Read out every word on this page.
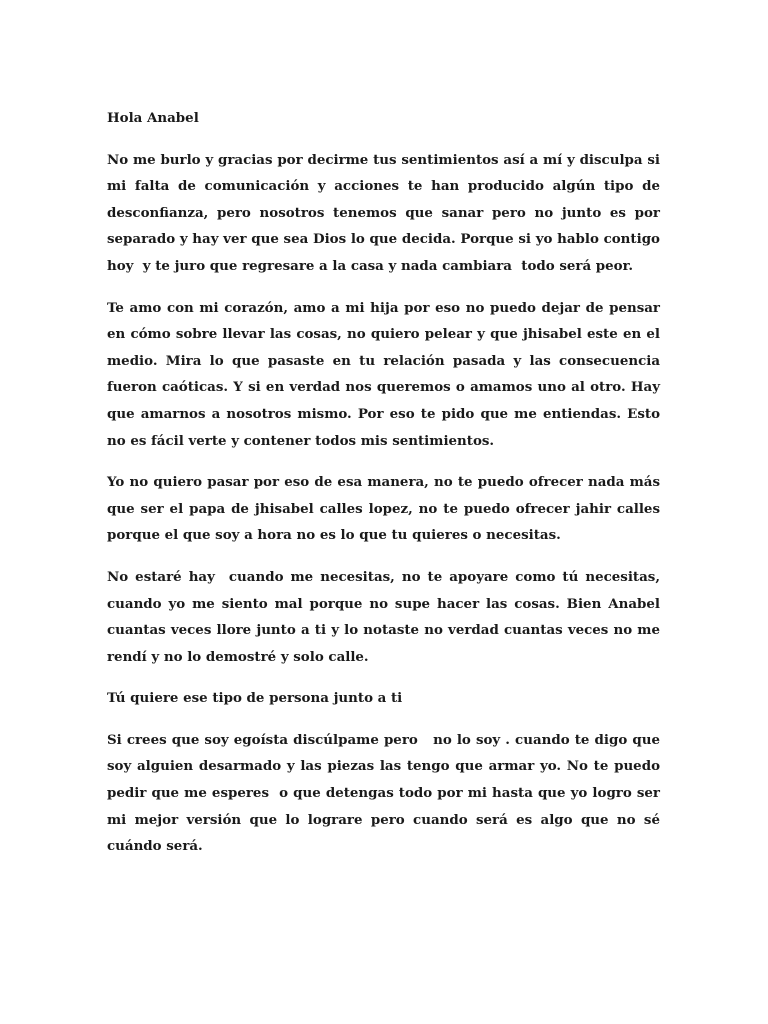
Hola Anabel

No me burlo y gracias por decirme tus sentimientos así a mí y disculpa si mi falta de comunicación y acciones te han producido algún tipo de desconfianza, pero nosotros tenemos que sanar pero no junto es por separado y hay ver que sea Dios lo que decida. Porque si yo hablo contigo hoy  y te juro que regresare a la casa y nada cambiara  todo será peor.

Te amo con mi corazón, amo a mi hija por eso no puedo dejar de pensar en cómo sobre llevar las cosas, no quiero pelear y que jhisabel este en el medio. Mira lo que pasaste en tu relación pasada y las consecuencia fueron caóticas. Y si en verdad nos queremos o amamos uno al otro. Hay que amarnos a nosotros mismo. Por eso te pido que me entiendas. Esto no es fácil verte y contener todos mis sentimientos.

Yo no quiero pasar por eso de esa manera, no te puedo ofrecer nada más que ser el papa de jhisabel calles lopez, no te puedo ofrecer jahir calles porque el que soy a hora no es lo que tu quieres o necesitas.

No estaré hay  cuando me necesitas, no te apoyare como tú necesitas, cuando yo me siento mal porque no supe hacer las cosas. Bien Anabel cuantas veces llore junto a ti y lo notaste no verdad cuantas veces no me rendí y no lo demostré y solo calle.

Tú quiere ese tipo de persona junto a ti

Si crees que soy egoísta discúlpame pero   no lo soy . cuando te digo que soy alguien desarmado y las piezas las tengo que armar yo. No te puedo pedir que me esperes  o que detengas todo por mi hasta que yo logro ser mi mejor versión que lo lograre pero cuando será es algo que no sé cuándo será.
